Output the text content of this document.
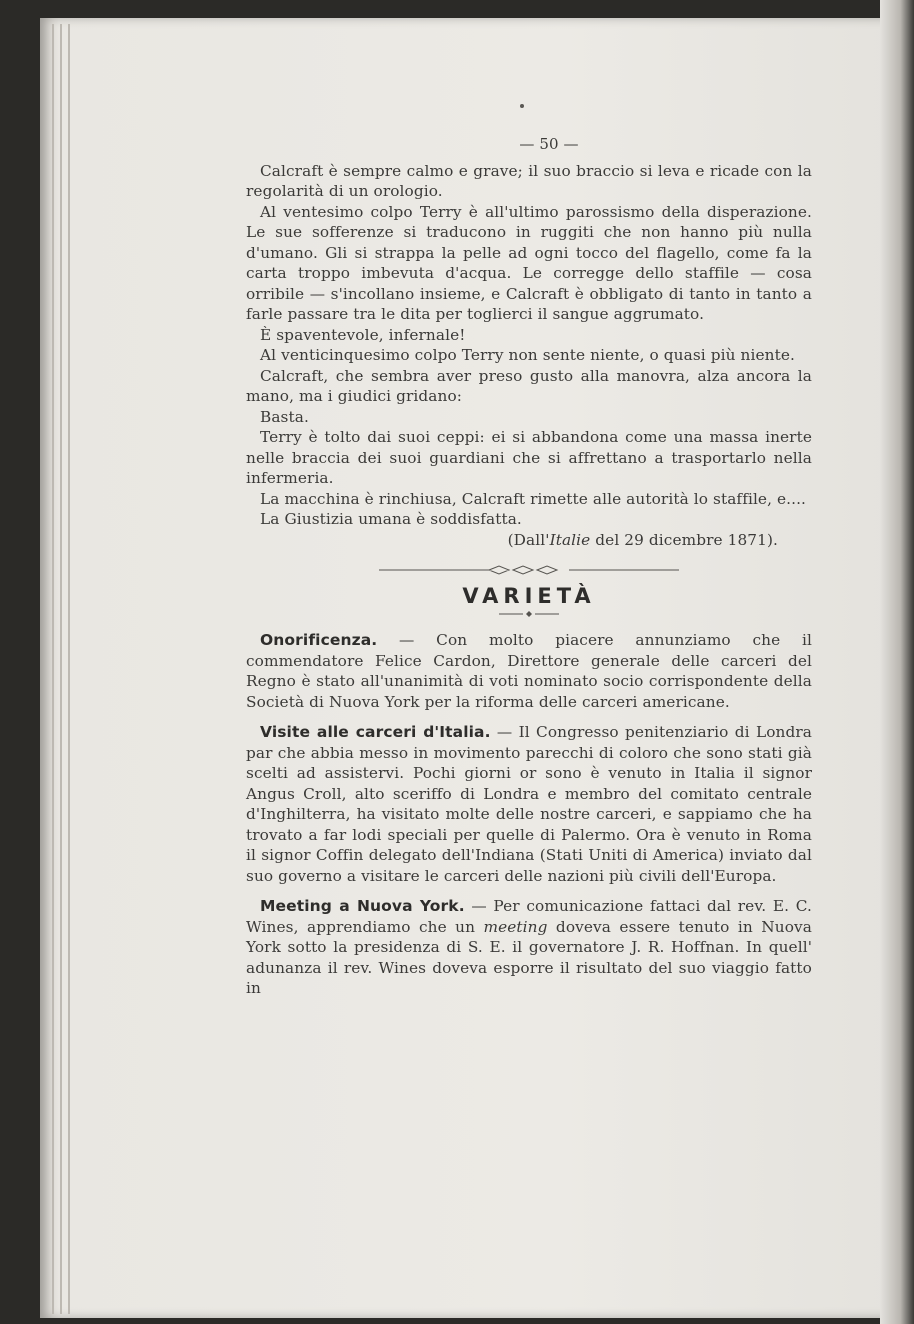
— 50 —

Calcraft è sempre calmo e grave; il suo braccio si leva e ricade con la regolarità di un orologio.

Al ventesimo colpo Terry è all'ultimo parossismo della disperazione. Le sue sofferenze si traducono in ruggiti che non hanno più nulla d'umano. Gli si strappa la pelle ad ogni tocco del flagello, come fa la carta troppo imbevuta d'acqua. Le corregge dello staffile — cosa orribile — s'incollano insieme, e Calcraft è obbligato di tanto in tanto a farle passare tra le dita per toglierci il sangue aggrumato.

È spaventevole, infernale!

Al venticinquesimo colpo Terry non sente niente, o quasi più niente.

Calcraft, che sembra aver preso gusto alla manovra, alza ancora la mano, ma i giudici gridano:

Basta.

Terry è tolto dai suoi ceppi: ei si abbandona come una massa inerte nelle braccia dei suoi guardiani che si affrettano a trasportarlo nella infermeria.

La macchina è rinchiusa, Calcraft rimette alle autorità lo staffile, e....

La Giustizia umana è soddisfatta.

(Dall'Italie del 29 dicembre 1871).

VARIETÀ

Onorificenza. — Con molto piacere annunziamo che il commendatore Felice Cardon, Direttore generale delle carceri del Regno è stato all'unanimità di voti nominato socio corrispondente della Società di Nuova York per la riforma delle carceri americane.

Visite alle carceri d'Italia. — Il Congresso penitenziario di Londra par che abbia messo in movimento parecchi di coloro che sono stati già scelti ad assistervi. Pochi giorni or sono è venuto in Italia il signor Angus Croll, alto sceriffo di Londra e membro del comitato centrale d'Inghilterra, ha visitato molte delle nostre carceri, e sappiamo che ha trovato a far lodi speciali per quelle di Palermo. Ora è venuto in Roma il signor Coffin delegato dell'Indiana (Stati Uniti di America) inviato dal suo governo a visitare le carceri delle nazioni più civili dell'Europa.

Meeting a Nuova York. — Per comunicazione fattaci dal rev. E. C. Wines, apprendiamo che un meeting doveva essere tenuto in Nuova York sotto la presidenza di S. E. il governatore J. R. Hoffnan. In quell' adunanza il rev. Wines doveva esporre il risultato del suo viaggio fatto in
